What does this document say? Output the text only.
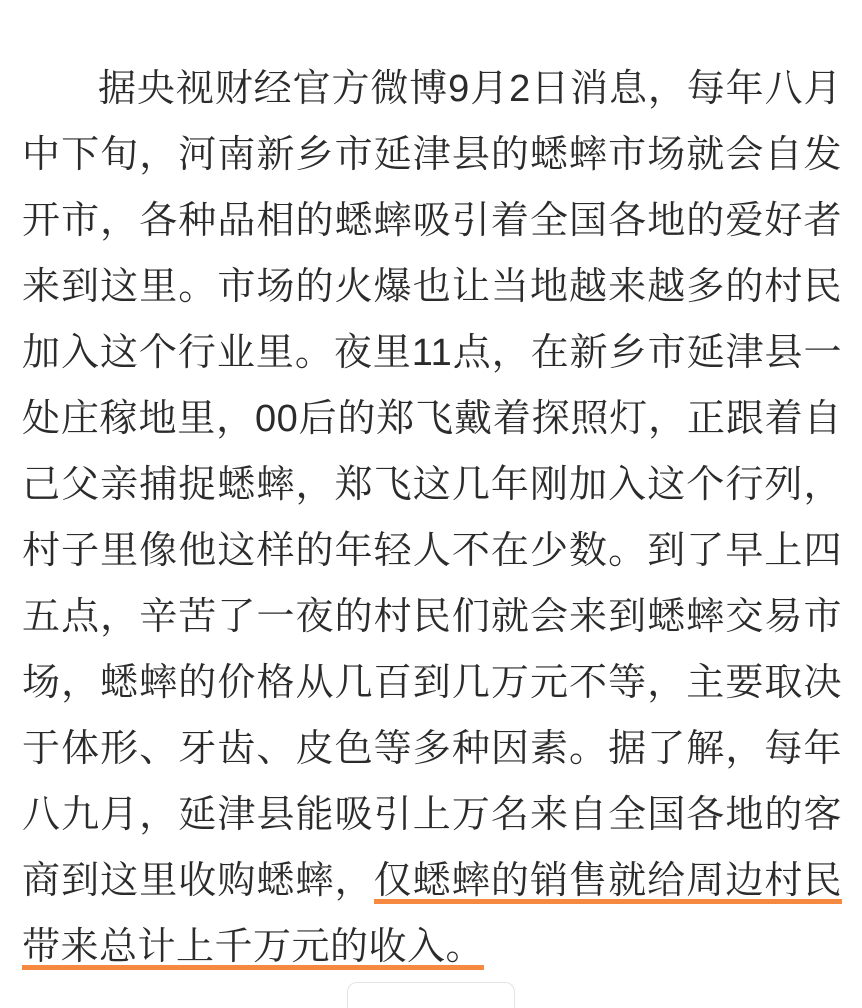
据央视财经官方微博9月2日消息，每年八月中下旬，河南新乡市延津县的蟋蟀市场就会自发开市，各种品相的蟋蟀吸引着全国各地的爱好者来到这里。市场的火爆也让当地越来越多的村民加入这个行业里。夜里11点，在新乡市延津县一处庄稼地里，00后的郑飞戴着探照灯，正跟着自己父亲捕捉蟋蟀，郑飞这几年刚加入这个行列，村子里像他这样的年轻人不在少数。到了早上四五点，辛苦了一夜的村民们就会来到蟋蟀交易市场，蟋蟀的价格从几百到几万元不等，主要取决于体形、牙齿、皮色等多种因素。据了解，每年八九月，延津县能吸引上万名来自全国各地的客商到这里收购蟋蟀，仅蟋蟀的销售就给周边村民带来总计上千万元的收入。
